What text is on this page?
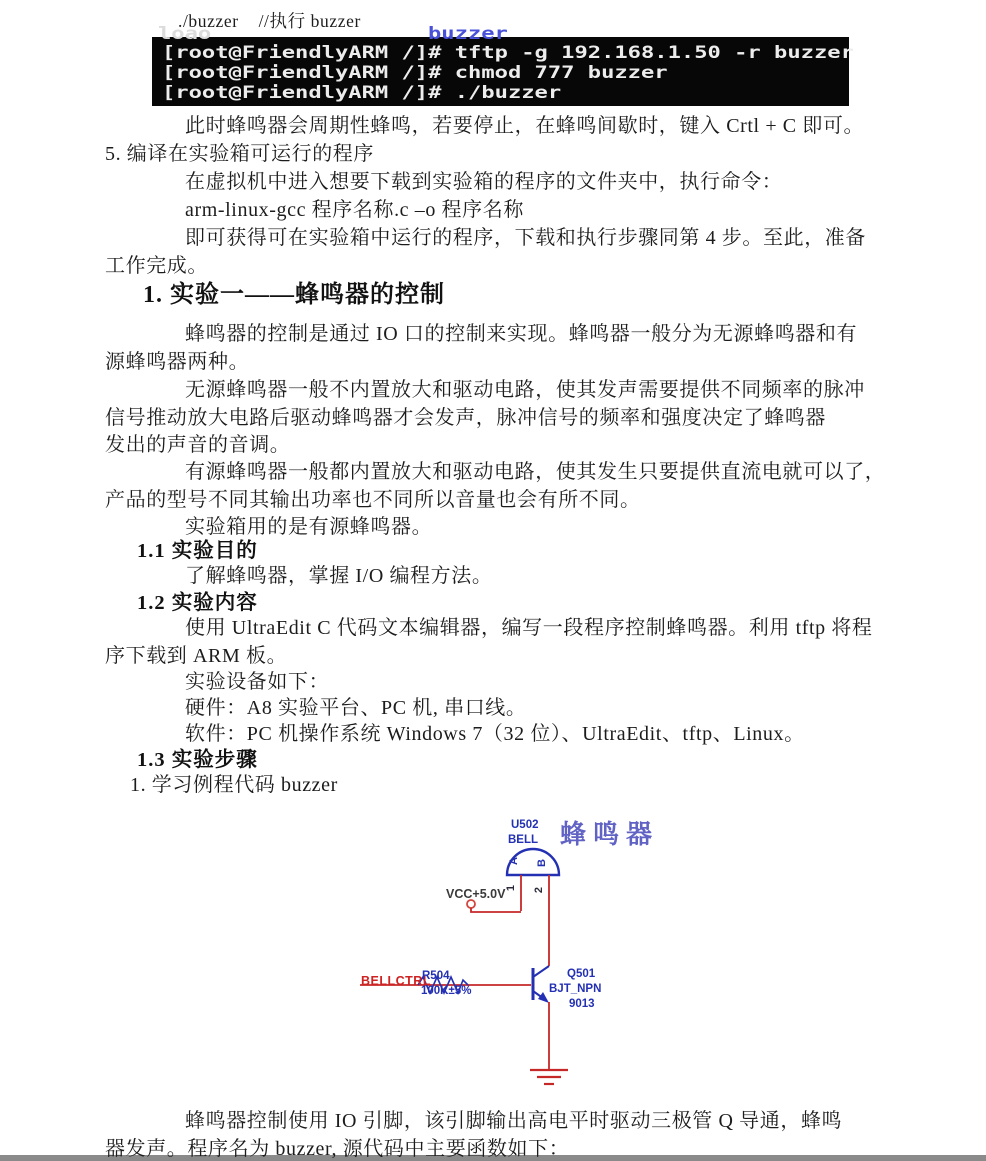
./buzzer    //执行 buzzer
loao	buzzer
[root@FriendlyARM /]# tftp -g 192.168.1.50 -r buzzer
[root@FriendlyARM /]# chmod 777 buzzer
[root@FriendlyARM /]# ./buzzer
此时蜂鸣器会周期性蜂鸣，若要停止，在蜂鸣间歇时，键入 Crtl + C 即可。
5. 编译在实验箱可运行的程序
在虚拟机中进入想要下载到实验箱的程序的文件夹中，执行命令：
arm-linux-gcc 程序名称.c –o 程序名称
即可获得可在实验箱中运行的程序，下载和执行步骤同第 4 步。至此，准备
工作完成。
1. 实验一——蜂鸣器的控制
蜂鸣器的控制是通过 IO 口的控制来实现。蜂鸣器一般分为无源蜂鸣器和有
源蜂鸣器两种。
无源蜂鸣器一般不内置放大和驱动电路，使其发声需要提供不同频率的脉冲
信号推动放大电路后驱动蜂鸣器才会发声，脉冲信号的频率和强度决定了蜂鸣器
发出的声音的音调。
有源蜂鸣器一般都内置放大和驱动电路，使其发生只要提供直流电就可以了，
产品的型号不同其输出功率也不同所以音量也会有所不同。
实验箱用的是有源蜂鸣器。
1.1 实验目的
了解蜂鸣器，掌握 I/O 编程方法。
1.2 实验内容
使用 UltraEdit C 代码文本编辑器，编写一段程序控制蜂鸣器。利用 tftp 将程
序下载到 ARM 板。
实验设备如下：
硬件：A8 实验平台、PC 机, 串口线。
软件：PC 机操作系统 Windows 7（32 位）、UltraEdit、tftp、Linux。
1.3 实验步骤
1. 学习例程代码 buzzer
U502
BELL 蜂鸣器
A B
1 2
VCC+5.0V
BELLCTRL
R504
100K±5%
Q501
BJT_NPN
9013
蜂鸣器控制使用 IO 引脚，该引脚输出高电平时驱动三极管 Q 导通，蜂鸣
器发声。程序名为 buzzer, 源代码中主要函数如下：
